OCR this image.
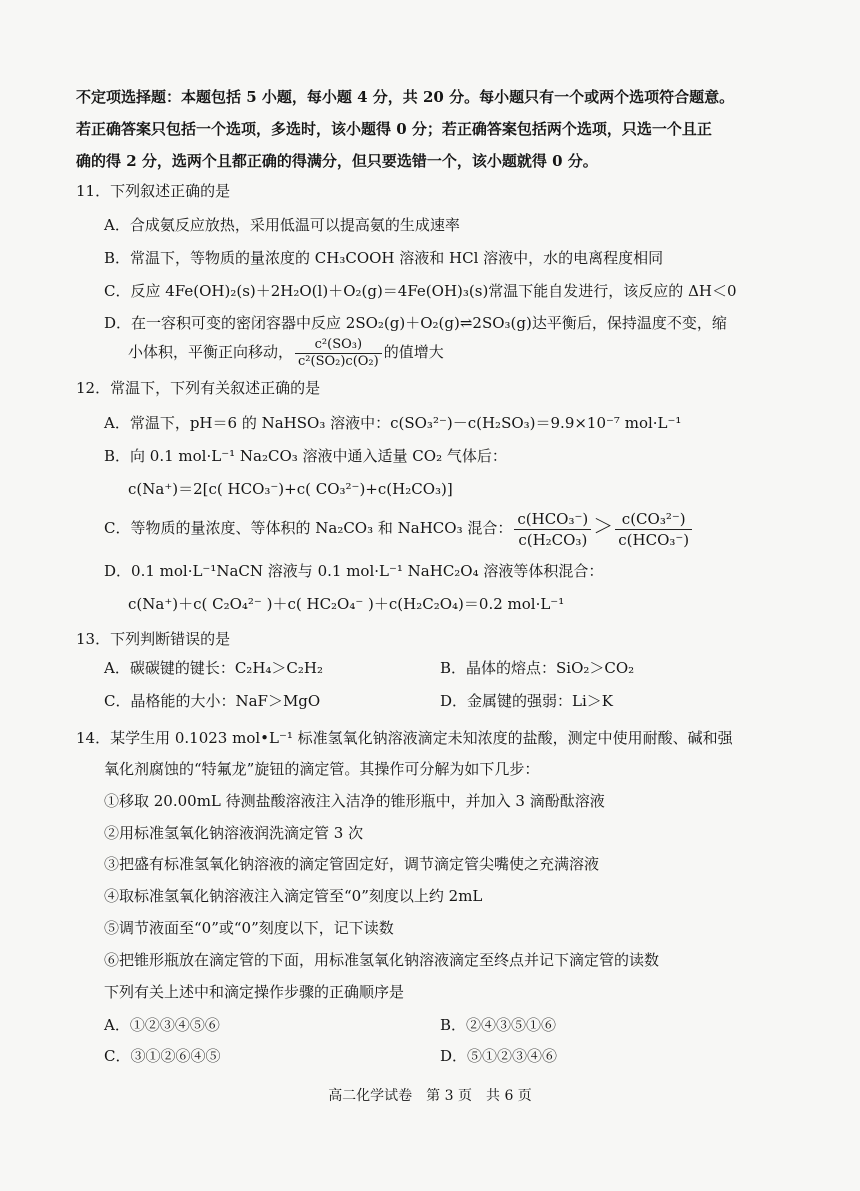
不定项选择题：本题包括 5 小题，每小题 4 分，共 20 分。每小题只有一个或两个选项符合题意。
若正确答案只包括一个选项，多选时，该小题得 0 分；若正确答案包括两个选项，只选一个且正
确的得 2 分，选两个且都正确的得满分，但只要选错一个，该小题就得 0 分。
11．下列叙述正确的是
A．合成氨反应放热，采用低温可以提高氨的生成速率
B．常温下，等物质的量浓度的 CH₃COOH 溶液和 HCl 溶液中，水的电离程度相同
C．反应 4Fe(OH)₂(s)＋2H₂O(l)＋O₂(g)＝4Fe(OH)₃(s)常温下能自发进行，该反应的 ΔH＜0
D．在一容积可变的密闭容器中反应 2SO₂(g)＋O₂(g)⇌2SO₃(g)达平衡后，保持温度不变，缩
小体积，平衡正向移动， $\frac{\text{c²(SO₃)}}{\text{c²(SO₂)c(O₂)}}$ 的值增大
12．常温下，下列有关叙述正确的是
A．常温下，pH＝6 的 NaHSO₃ 溶液中：c(SO₃²⁻)－c(H₂SO₃)＝9.9×10⁻⁷ mol·L⁻¹
B．向 0.1 mol·L⁻¹ Na₂CO₃ 溶液中通入适量 CO₂ 气体后：
c(Na⁺)＝2[c( HCO₃⁻)+c( CO₃²⁻)+c(H₂CO₃)]
C．等物质的量浓度、等体积的 Na₂CO₃ 和 NaHCO₃ 混合： $\frac{\text{c(HCO₃⁻)}}{\text{c(H₂CO₃)}} > \frac{\text{c(CO₃²⁻)}}{\text{c(HCO₃⁻)}}$
D．0.1 mol·L⁻¹NaCN 溶液与 0.1 mol·L⁻¹ NaHC₂O₄ 溶液等体积混合：
c(Na⁺)＋c( C₂O₄²⁻ )＋c( HC₂O₄⁻ )＋c(H₂C₂O₄)＝0.2 mol·L⁻¹
13．下列判断错误的是
A．碳碳键的键长：C₂H₄＞C₂H₂	B．晶体的熔点：SiO₂＞CO₂
C．晶格能的大小：NaF＞MgO	D．金属键的强弱：Li＞K
14．某学生用 0.1023 mol•L⁻¹ 标准氢氧化钠溶液滴定未知浓度的盐酸，测定中使用耐酸、碱和强
氧化剂腐蚀的“特氟龙”旋钮的滴定管。其操作可分解为如下几步：
①移取 20.00mL 待测盐酸溶液注入洁净的锥形瓶中，并加入 3 滴酚酞溶液
②用标准氢氧化钠溶液润洗滴定管 3 次
③把盛有标准氢氧化钠溶液的滴定管固定好，调节滴定管尖嘴使之充满溶液
④取标准氢氧化钠溶液注入滴定管至“0”刻度以上约 2mL
⑤调节液面至“0”或“0”刻度以下，记下读数
⑥把锥形瓶放在滴定管的下面，用标准氢氧化钠溶液滴定至终点并记下滴定管的读数
下列有关上述中和滴定操作步骤的正确顺序是
A．①②③④⑤⑥	B．②④③⑤①⑥
C．③①②⑥④⑤	D．⑤①②③④⑥
高二化学试卷　第 3 页　共 6 页
